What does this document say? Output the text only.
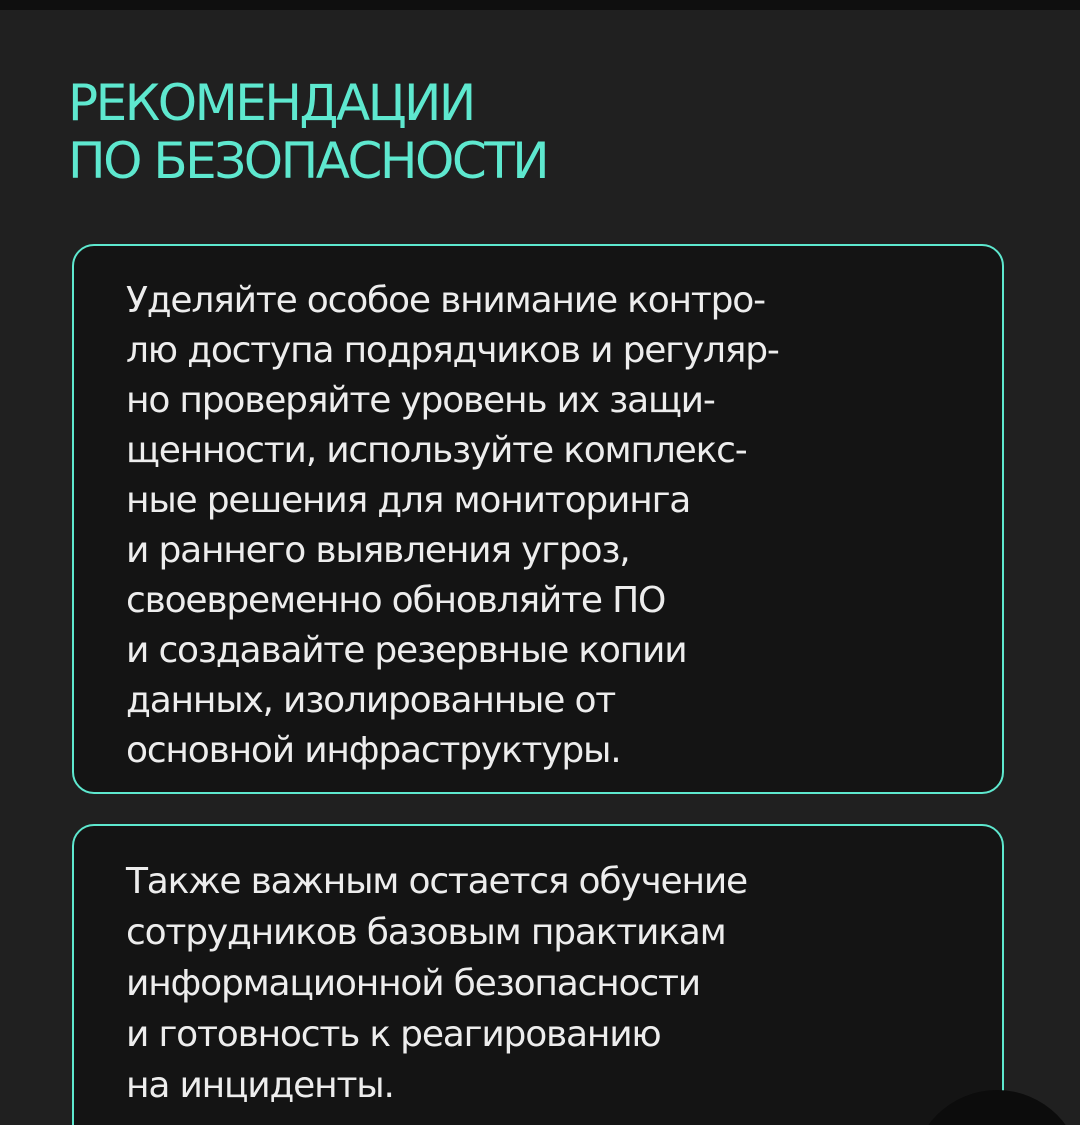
РЕКОМЕНДАЦИИ
ПО БЕЗОПАСНОСТИ

Уделяйте особое внимание контро-
лю доступа подрядчиков и регуляр-
но проверяйте уровень их защи-
щенности, используйте комплекс-
ные решения для мониторинга
и раннего выявления угроз,
своевременно обновляйте ПО
и создавайте резервные копии
данных, изолированные от
основной инфраструктуры.

Также важным остается обучение
сотрудников базовым практикам
информационной безопасности
и готовность к реагированию
на инциденты.
